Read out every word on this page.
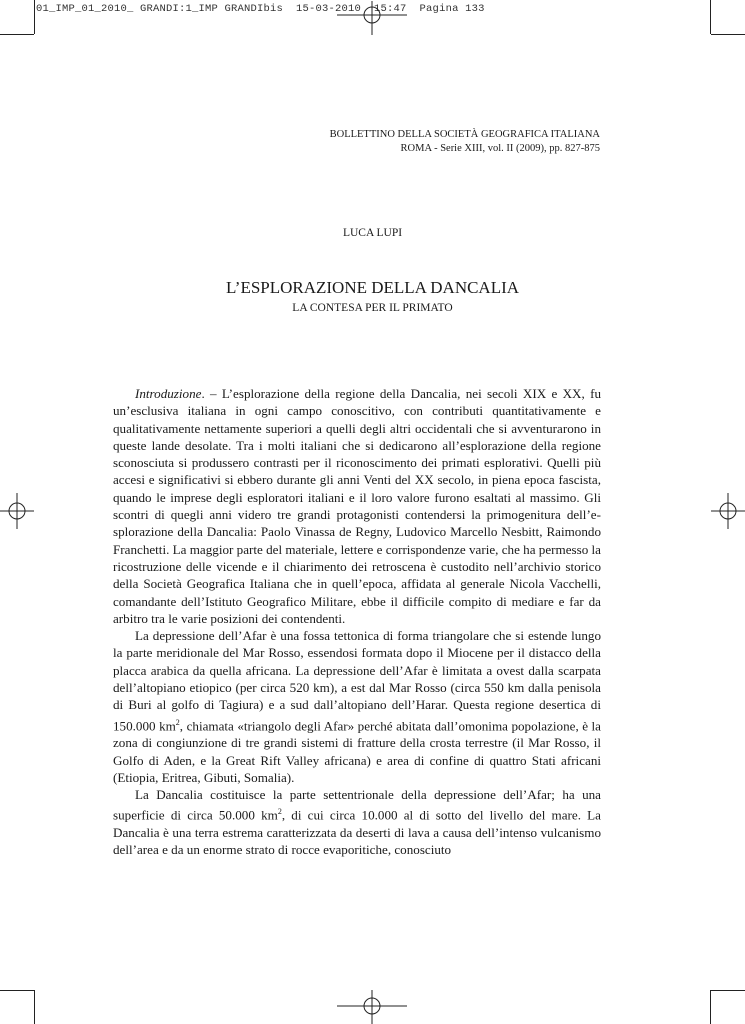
01_IMP_01_2010_ GRANDI:1_IMP GRANDIbis  15-03-2010  15:47  Pagina 133
BOLLETTINO DELLA SOCIETÀ GEOGRAFICA ITALIANA
ROMA - Serie XIII, vol. II (2009), pp. 827-875
LUCA LUPI
L’ESPLORAZIONE DELLA DANCALIA
LA CONTESA PER IL PRIMATO

Introduzione. – L’esplorazione della regione della Dancalia, nei secoli XIX e XX, fu un’esclusiva italiana in ogni campo conoscitivo, con contributi quantitativamente e qualitativamente nettamente superiori a quelli degli altri occidentali che si avventurarono in queste lande desolate. Tra i molti italiani che si dedicarono all’esplorazione della regione sconosciuta si produssero contrasti per il riconoscimento dei primati esplorativi. Quelli più accesi e significativi si ebbero durante gli anni Venti del XX secolo, in piena epoca fascista, quando le imprese degli esploratori italiani e il loro valore furono esaltati al massimo. Gli scontri di quegli anni videro tre grandi protagonisti contendersi la primogenitura dell’esplorazione della Dancalia: Paolo Vinassa de Regny, Ludovico Marcello Nesbitt, Raimondo Franchetti. La maggior parte del materiale, lettere e corrispondenze varie, che ha permesso la ricostruzione delle vicende e il chiarimento dei retroscena è custodito nell’archivio storico della Società Geografica Italiana che in quell’epoca, affidata al generale Nicola Vacchelli, comandante dell’Istituto Geografico Militare, ebbe il difficile compito di mediare e far da arbitro tra le varie posizioni dei contendenti.

La depressione dell’Afar è una fossa tettonica di forma triangolare che si estende lungo la parte meridionale del Mar Rosso, essendosi formata dopo il Miocene per il distacco della placca arabica da quella africana. La depressione dell’Afar è limitata a ovest dalla scarpata dell’altopiano etiopico (per circa 520 km), a est dal Mar Rosso (circa 550 km dalla penisola di Buri al golfo di Tagiura) e a sud dall’altopiano dell’Harar. Questa regione desertica di 150.000 $km^2$, chiamata «triangolo degli Afar» perché abitata dall’omonima popolazione, è la zona di congiunzione di tre grandi sistemi di fratture della crosta terrestre (il Mar Rosso, il Golfo di Aden, e la Great Rift Valley africana) e area di confine di quattro Stati africani (Etiopia, Eritrea, Gibuti, Somalia).

La Dancalia costituisce la parte settentrionale della depressione dell’Afar; ha una superficie di circa 50.000 $km^2$, di cui circa 10.000 al di sotto del livello del mare. La Dancalia è una terra estrema caratterizzata da deserti di lava a causa dell’intenso vulcanismo dell’area e da un enorme strato di rocce evaporitiche, conosciuto
